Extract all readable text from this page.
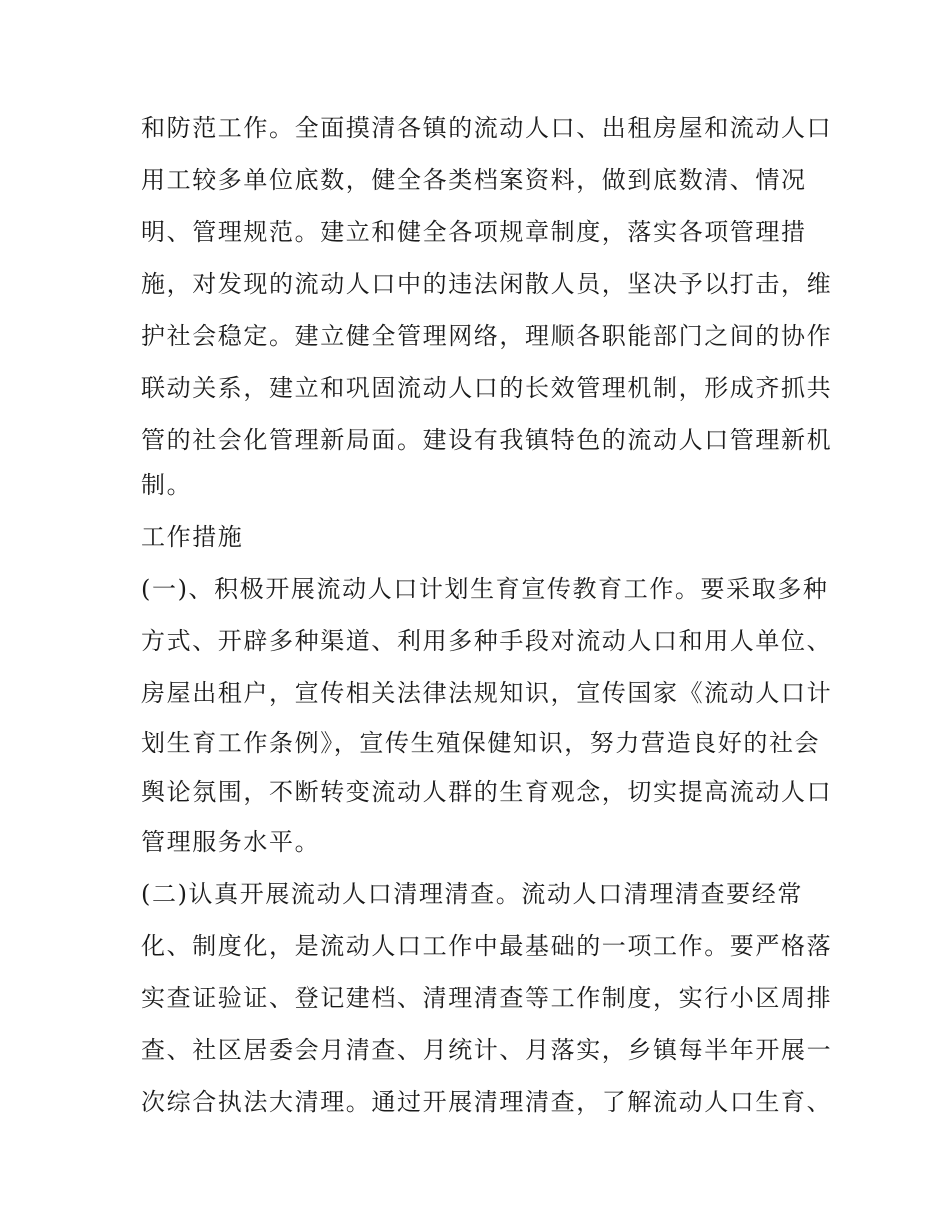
和防范工作。全面摸清各镇的流动人口、出租房屋和流动人口
用工较多单位底数，健全各类档案资料，做到底数清、情况
明、管理规范。建立和健全各项规章制度，落实各项管理措
施，对发现的流动人口中的违法闲散人员，坚决予以打击，维
护社会稳定。建立健全管理网络，理顺各职能部门之间的协作
联动关系，建立和巩固流动人口的长效管理机制，形成齐抓共
管的社会化管理新局面。建设有我镇特色的流动人口管理新机
制。
工作措施
(一)、积极开展流动人口计划生育宣传教育工作。要采取多种
方式、开辟多种渠道、利用多种手段对流动人口和用人单位、
房屋出租户，宣传相关法律法规知识，宣传国家《流动人口计
划生育工作条例》，宣传生殖保健知识，努力营造良好的社会
舆论氛围，不断转变流动人群的生育观念，切实提高流动人口
管理服务水平。
(二)认真开展流动人口清理清查。流动人口清理清查要经常
化、制度化，是流动人口工作中最基础的一项工作。要严格落
实查证验证、登记建档、清理清查等工作制度，实行小区周排
查、社区居委会月清查、月统计、月落实，乡镇每半年开展一
次综合执法大清理。通过开展清理清查，了解流动人口生育、
